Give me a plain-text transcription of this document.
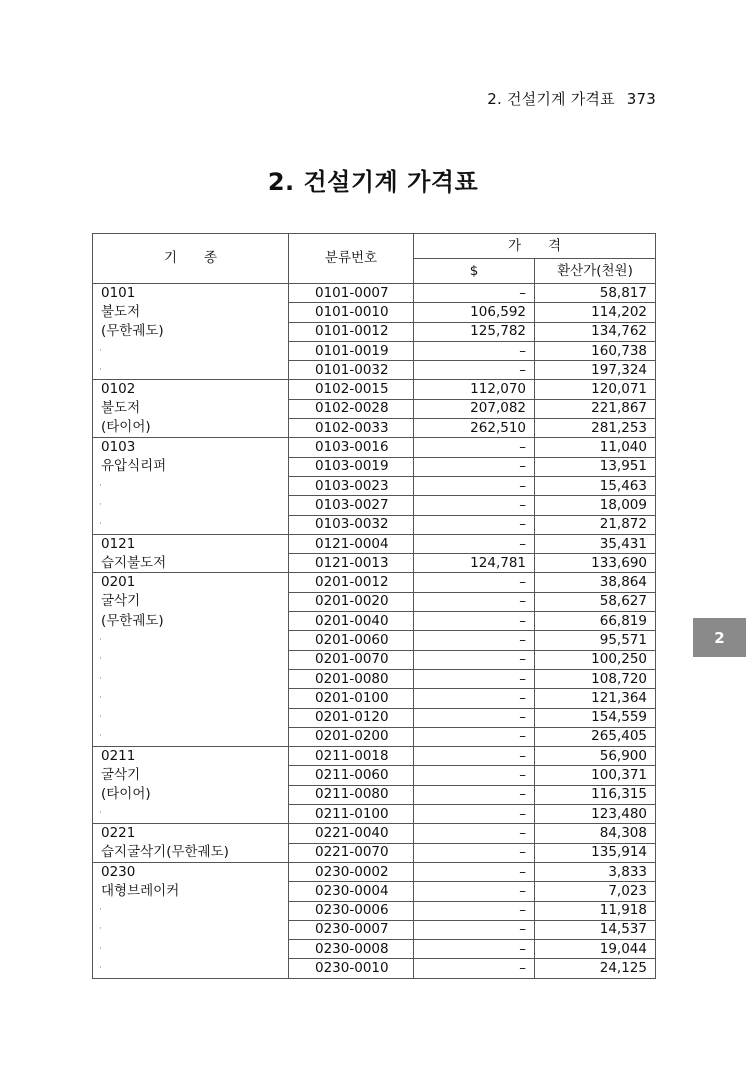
2. 건설기계 가격표 373
2. 건설기계 가격표
2
기　　종	분류번호	가　　격	
		$	환산가(천원)
0101	0101-0007	–	58,817
불도저	0101-0010	106,592	114,202
(무한궤도)	0101-0012	125,782	134,762
·	0101-0019	–	160,738
·	0101-0032	–	197,324
0102	0102-0015	112,070	120,071
불도저	0102-0028	207,082	221,867
(타이어)	0102-0033	262,510	281,253
0103	0103-0016	–	11,040
유압식리퍼	0103-0019	–	13,951
·	0103-0023	–	15,463
·	0103-0027	–	18,009
·	0103-0032	–	21,872
0121	0121-0004	–	35,431
습지불도저	0121-0013	124,781	133,690
0201	0201-0012	–	38,864
굴삭기	0201-0020	–	58,627
(무한궤도)	0201-0040	–	66,819
·	0201-0060	–	95,571
·	0201-0070	–	100,250
·	0201-0080	–	108,720
·	0201-0100	–	121,364
·	0201-0120	–	154,559
·	0201-0200	–	265,405
0211	0211-0018	–	56,900
굴삭기	0211-0060	–	100,371
(타이어)	0211-0080	–	116,315
·	0211-0100	–	123,480
0221	0221-0040	–	84,308
습지굴삭기(무한궤도)	0221-0070	–	135,914
0230	0230-0002	–	3,833
대형브레이커	0230-0004	–	7,023
·	0230-0006	–	11,918
·	0230-0007	–	14,537
·	0230-0008	–	19,044
·	0230-0010	–	24,125
